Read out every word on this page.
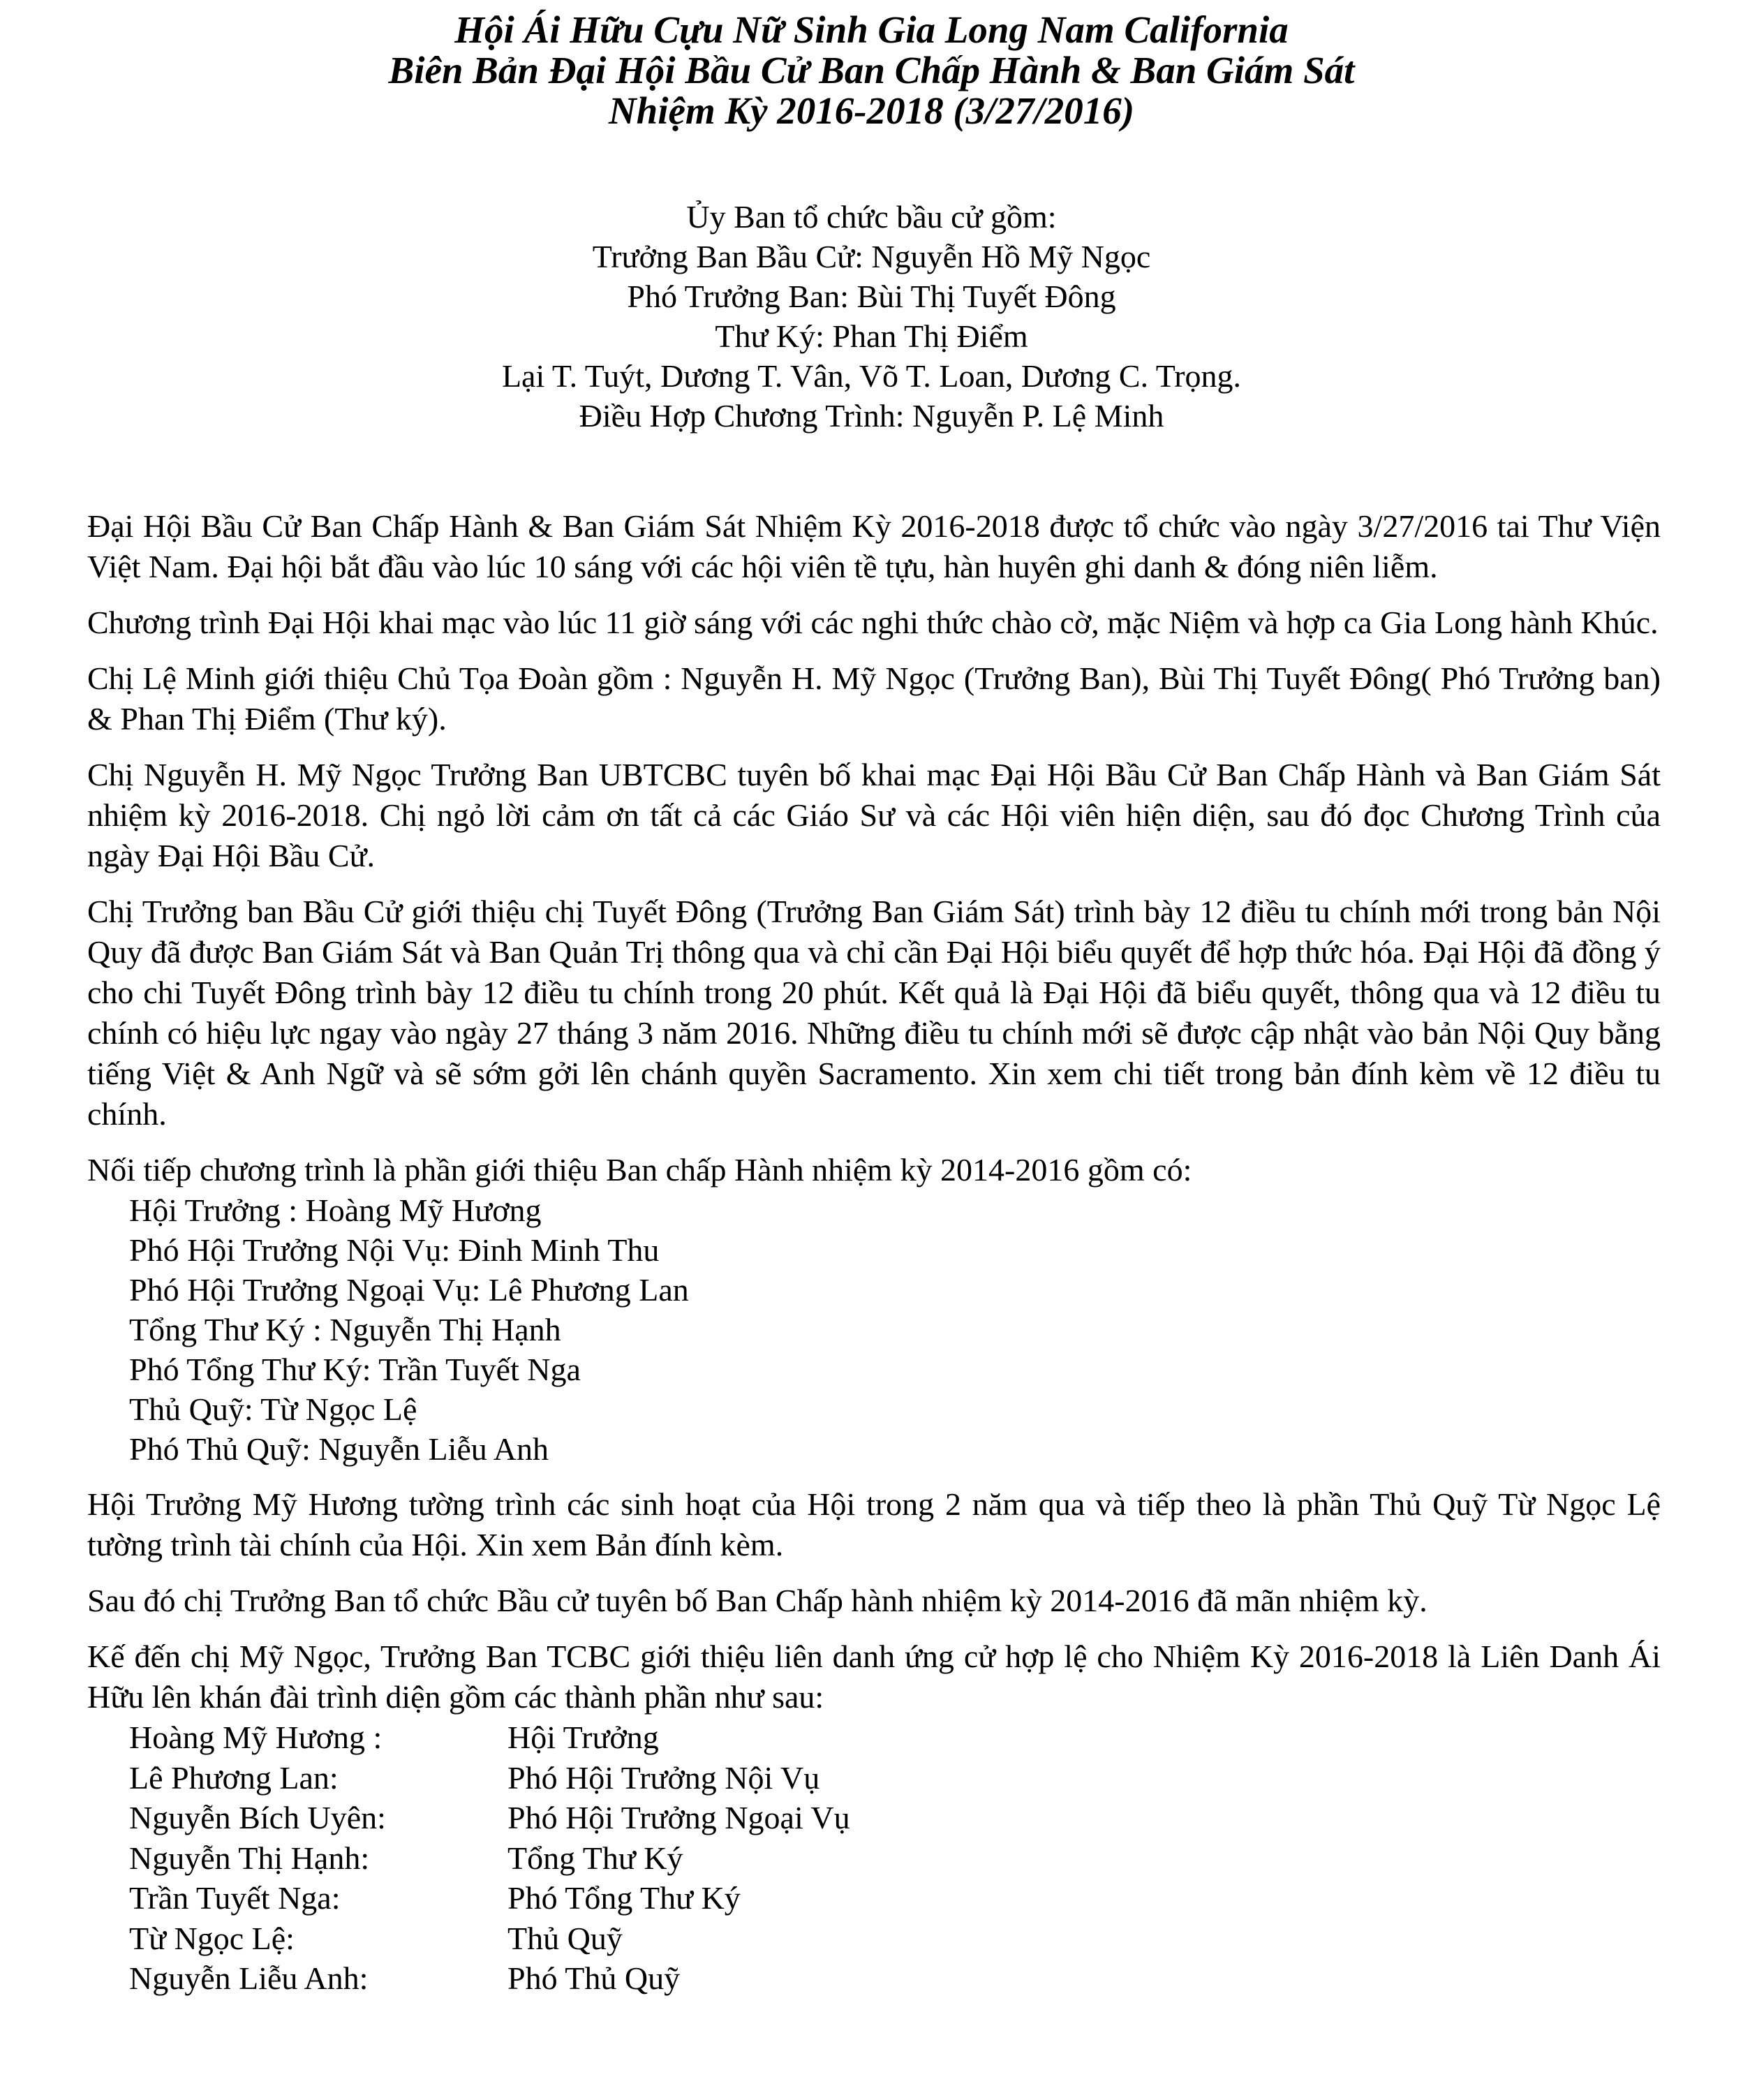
Hội Ái Hữu Cựu Nữ Sinh Gia Long Nam California

Biên Bản Đại Hội Bầu Cử Ban Chấp Hành & Ban Giám Sát

Nhiệm Kỳ 2016-2018 (3/27/2016)

Ủy Ban tổ chức bầu cử gồm:

Trưởng Ban Bầu Cử: Nguyễn Hồ Mỹ Ngọc

Phó Trưởng Ban: Bùi Thị Tuyết Đông

Thư Ký: Phan Thị Điểm

Lại T. Tuýt, Dương T. Vân, Võ T. Loan, Dương C. Trọng.

Điều Hợp Chương Trình: Nguyễn P. Lệ Minh

Đại Hội Bầu Cử Ban Chấp Hành & Ban Giám Sát Nhiệm Kỳ 2016-2018 được tổ chức vào ngày 3/27/2016 tai Thư Viện Việt Nam. Đại hội bắt đầu vào lúc 10 sáng với các hội viên tề tựu, hàn huyên ghi danh & đóng niên liễm.

Chương trình Đại Hội khai mạc vào lúc 11 giờ sáng với các nghi thức chào cờ, mặc Niệm và hợp ca Gia Long hành Khúc.

Chị Lệ Minh giới thiệu Chủ Tọa Đoàn gồm : Nguyễn H. Mỹ Ngọc (Trưởng Ban), Bùi Thị Tuyết Đông( Phó Trưởng ban) & Phan Thị Điểm (Thư ký).

Chị Nguyễn H. Mỹ Ngọc Trưởng Ban UBTCBC tuyên bố khai mạc Đại Hội Bầu Cử Ban Chấp Hành và Ban Giám Sát nhiệm kỳ 2016-2018. Chị ngỏ lời cảm ơn tất cả các Giáo Sư và các Hội viên hiện diện, sau đó đọc Chương Trình của ngày Đại Hội Bầu Cử.

Chị Trưởng ban Bầu Cử giới thiệu chị Tuyết Đông (Trưởng Ban Giám Sát) trình bày 12 điều tu chính mới trong bản Nội Quy đã được Ban Giám Sát và Ban Quản Trị thông qua và chỉ cần Đại Hội biểu quyết để hợp thức hóa. Đại Hội đã đồng ý cho chi Tuyết Đông trình bày 12 điều tu chính trong 20 phút. Kết quả là Đại Hội đã biểu quyết, thông qua và 12 điều tu chính có hiệu lực ngay vào ngày 27 tháng 3 năm 2016. Những điều tu chính mới sẽ được cập nhật vào bản Nội Quy bằng tiếng Việt & Anh Ngữ và sẽ sớm gởi lên chánh quyền Sacramento. Xin xem chi tiết trong bản đính kèm về 12 điều tu chính.

Nối tiếp chương trình là phần giới thiệu Ban chấp Hành nhiệm kỳ 2014-2016 gồm có:

Hội Trưởng : Hoàng Mỹ Hương
Phó Hội Trưởng Nội Vụ: Đinh Minh Thu
Phó Hội Trưởng Ngoại Vụ: Lê Phương Lan
Tổng Thư Ký : Nguyễn Thị Hạnh
Phó Tổng Thư Ký: Trần Tuyết Nga
Thủ Quỹ: Từ Ngọc Lệ
Phó Thủ Quỹ: Nguyễn Liễu Anh

Hội Trưởng Mỹ Hương tường trình các sinh hoạt của Hội trong 2 năm qua và tiếp theo là phần Thủ Quỹ Từ Ngọc Lệ tường trình tài chính của Hội. Xin xem Bản đính kèm.

Sau đó chị Trưởng Ban tổ chức Bầu cử tuyên bố Ban Chấp hành nhiệm kỳ 2014-2016 đã mãn nhiệm kỳ.

Kế đến chị Mỹ Ngọc, Trưởng Ban TCBC giới thiệu liên danh ứng cử hợp lệ cho Nhiệm Kỳ 2016-2018 là Liên Danh Ái Hữu lên khán đài trình diện gồm các thành phần như sau:

Hoàng Mỹ Hương :	Hội Trưởng
Lê Phương Lan:	Phó Hội Trưởng Nội Vụ
Nguyễn Bích Uyên:	Phó Hội Trưởng Ngoại Vụ
Nguyễn Thị Hạnh:	Tổng Thư Ký
Trần Tuyết Nga:	Phó Tổng Thư Ký
Từ Ngọc Lệ:	Thủ Quỹ
Nguyễn Liễu Anh:	Phó Thủ Quỹ
